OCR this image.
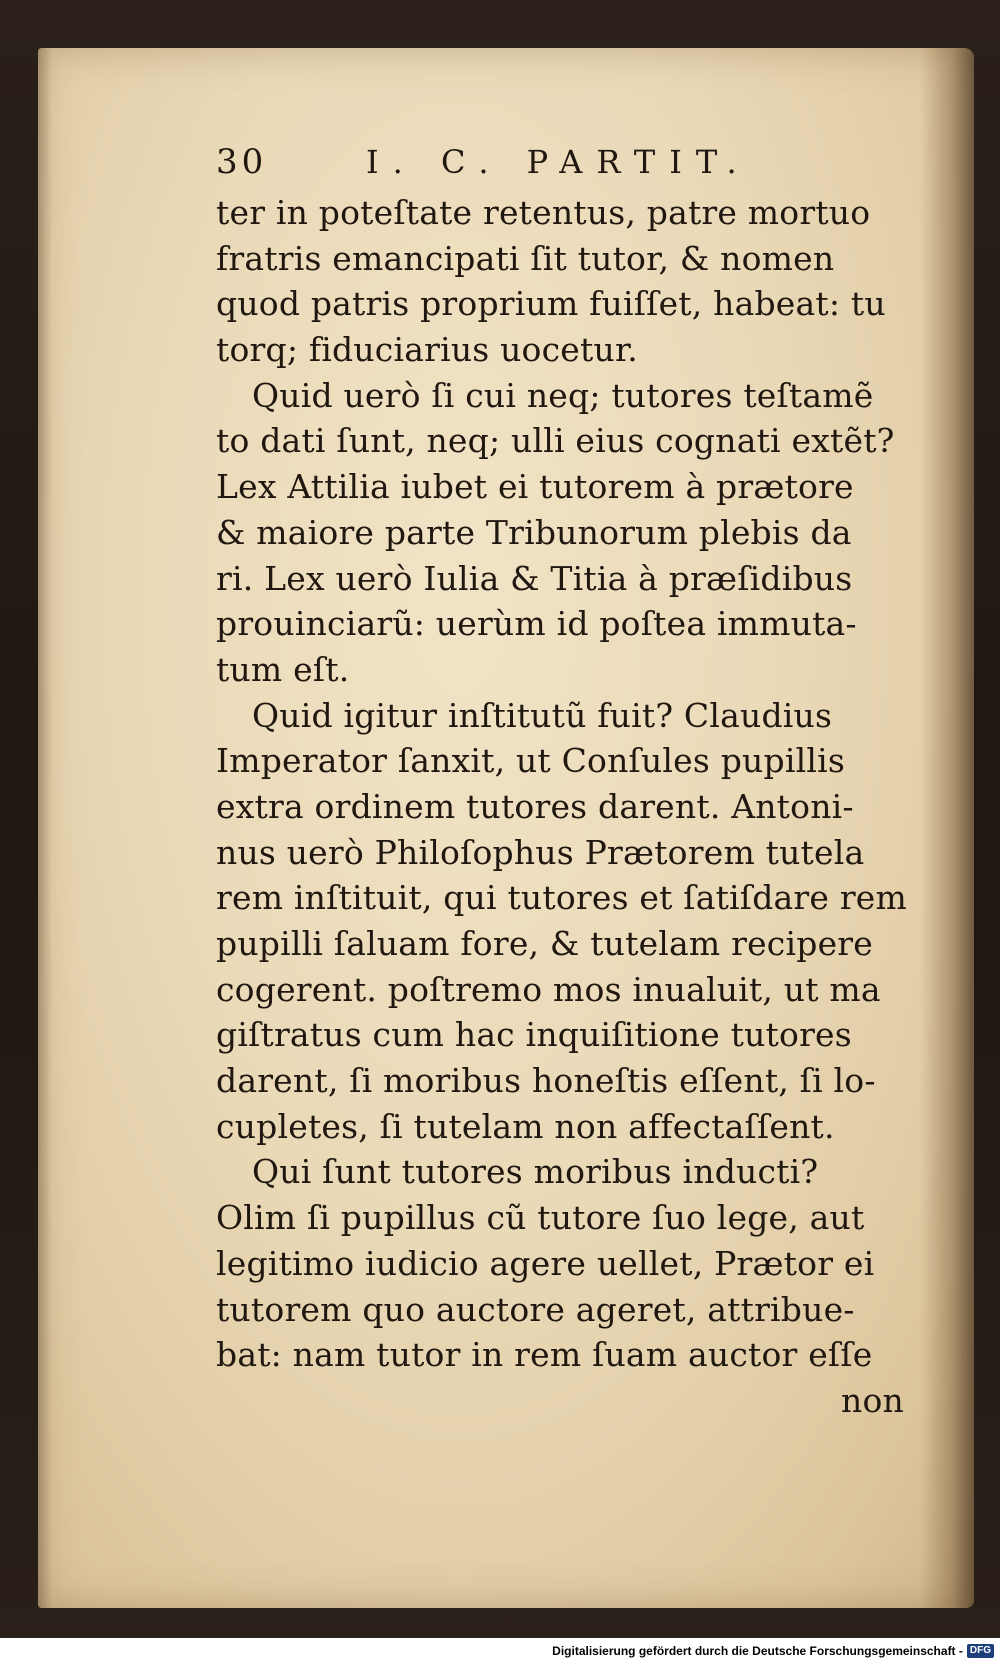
30	I. C. PARTIT.
ter in poteſtate retentus, patre mortuo
fratris emancipati ſit tutor, & nomen
quod patris proprium fuiſſet, habeat: tu
torq; fiduciarius uocetur.
Quid uerò ſi cui neq; tutores teſtamẽ
to dati ſunt, neq; ulli eius cognati extẽt?
Lex Attilia iubet ei tutorem à prætore
& maiore parte Tribunorum plebis da
ri. Lex uerò Iulia & Titia à præſidibus
prouinciarũ: uerùm id poſtea immuta-
tum eſt.
Quid igitur inſtitutũ fuit? Claudius
Imperator ſanxit, ut Conſules pupillis
extra ordinem tutores darent. Antoni-
nus uerò Philoſophus Prætorem tutela
rem inſtituit, qui tutores et ſatiſdare rem
pupilli ſaluam fore, & tutelam recipere
cogerent. poſtremo mos inualuit, ut ma
giſtratus cum hac inquiſitione tutores
darent, ſi moribus honeſtis eſſent, ſi lo-
cupletes, ſi tutelam non affectaſſent.
Qui ſunt tutores moribus inducti?
Olim ſi pupillus cũ tutore ſuo lege, aut
legitimo iudicio agere uellet, Prætor ei
tutorem quo auctore ageret, attribue-
bat: nam tutor in rem ſuam auctor eſſe
non
Digitalisierung gefördert durch die Deutsche Forschungsgemeinschaft - DFG
